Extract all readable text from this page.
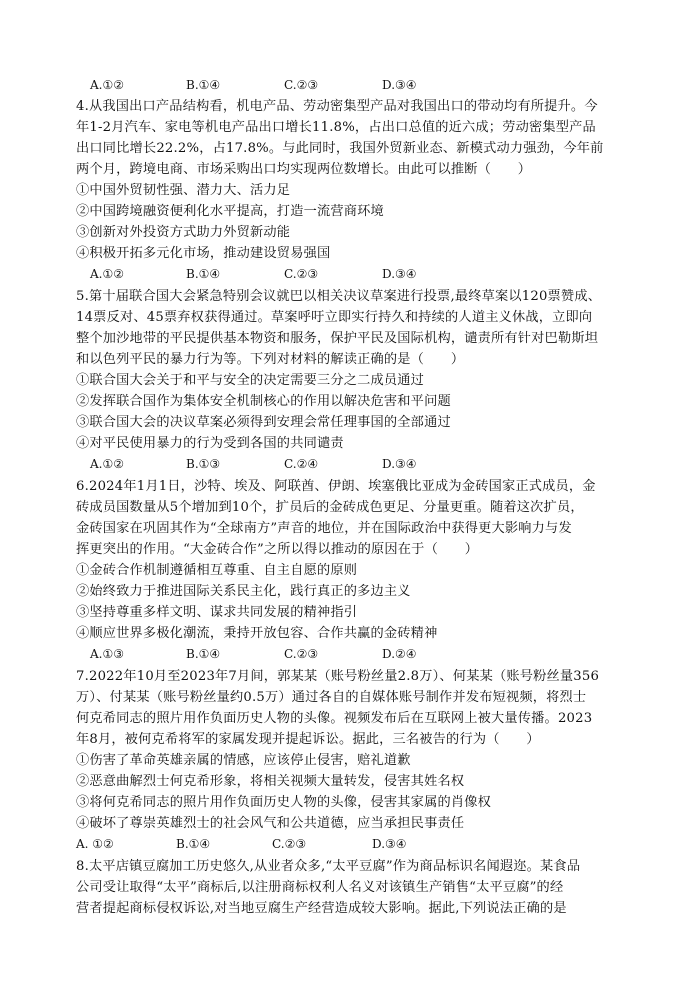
A.①②	B.①④	C.②③	D.③④
4.从我国出口产品结构看，机电产品、劳动密集型产品对我国出口的带动均有所提升。今
年1-2月汽车、家电等机电产品出口增长11.8%，占出口总值的近六成；劳动密集型产品
出口同比增长22.2%，占17.8%。与此同时，我国外贸新业态、新模式动力强劲，今年前
两个月，跨境电商、市场采购出口均实现两位数增长。由此可以推断（　　）
①中国外贸韧性强、潜力大、活力足
②中国跨境融资便利化水平提高，打造一流营商环境
③创新对外投资方式助力外贸新动能
④积极开拓多元化市场，推动建设贸易强国
A.①②	B.①④	C.②③	D.③④
5.第十届联合国大会紧急特别会议就巴以相关决议草案进行投票,最终草案以120票赞成、
14票反对、45票弃权获得通过。草案呼吁立即实行持久和持续的人道主义休战，立即向
整个加沙地带的平民提供基本物资和服务，保护平民及国际机构，谴责所有针对巴勒斯坦
和以色列平民的暴力行为等。下列对材料的解读正确的是（　　）
①联合国大会关于和平与安全的决定需要三分之二成员通过
②发挥联合国作为集体安全机制核心的作用以解决危害和平问题
③联合国大会的决议草案必须得到安理会常任理事国的全部通过
④对平民使用暴力的行为受到各国的共同谴责
A.①②	B.①③	C.②④	D.③④
6.2024年1月1日，沙特、埃及、阿联酋、伊朗、埃塞俄比亚成为金砖国家正式成员，金
砖成员国数量从5个增加到10个，扩员后的金砖成色更足、分量更重。随着这次扩员，
金砖国家在巩固其作为“全球南方”声音的地位，并在国际政治中获得更大影响力与发
挥更突出的作用。“大金砖合作”之所以得以推动的原因在于（　　）
①金砖合作机制遵循相互尊重、自主自愿的原则
②始终致力于推进国际关系民主化，践行真正的多边主义
③坚持尊重多样文明、谋求共同发展的精神指引
④顺应世界多极化潮流，秉持开放包容、合作共赢的金砖精神
A.①③	B.①④	C.②③	D.②④
7.2022年10月至2023年7月间，郭某某（账号粉丝量2.8万）、何某某（账号粉丝量356
万）、付某某（账号粉丝量约0.5万）通过各自的自媒体账号制作并发布短视频，将烈士
何克希同志的照片用作负面历史人物的头像。视频发布后在互联网上被大量传播。2023
年8月，被何克希将军的家属发现并提起诉讼。据此，三名被告的行为（　　）
①伤害了革命英雄亲属的情感，应该停止侵害，赔礼道歉
②恶意曲解烈士何克希形象，将相关视频大量转发，侵害其姓名权
③将何克希同志的照片用作负面历史人物的头像，侵害其家属的肖像权
④破坏了尊崇英雄烈士的社会风气和公共道德，应当承担民事责任
A. ①②	B.①④	C.②③	D.③④
8.太平店镇豆腐加工历史悠久,从业者众多,“太平豆腐”作为商品标识名闻遐迩。某食品
公司受让取得“太平”商标后,以注册商标权利人名义对该镇生产销售“太平豆腐”的经
营者提起商标侵权诉讼,对当地豆腐生产经营造成较大影响。据此,下列说法正确的是
